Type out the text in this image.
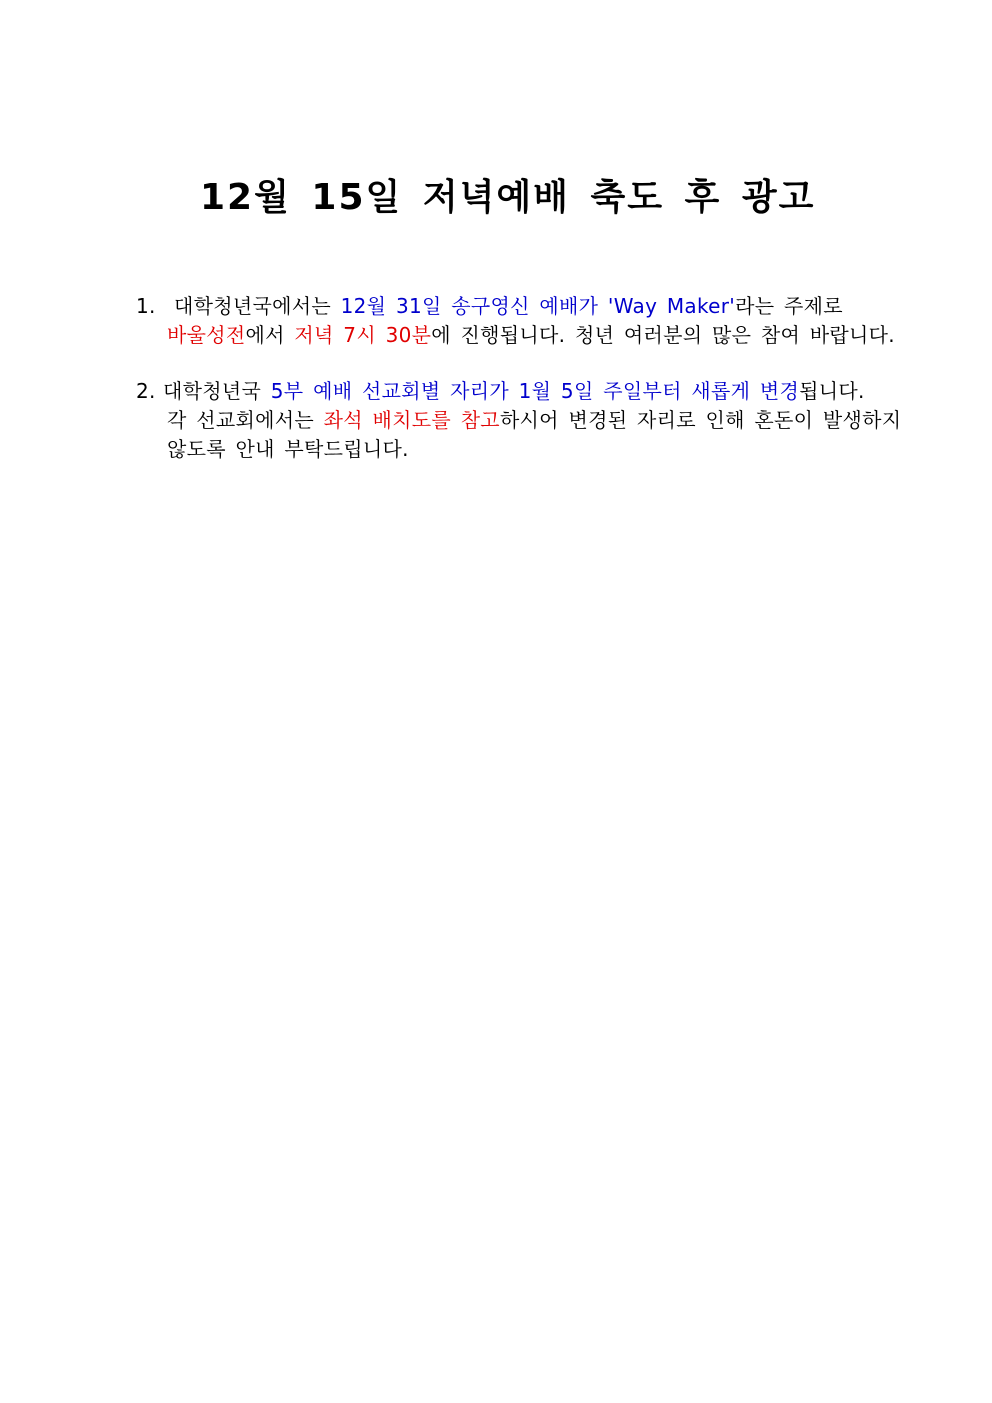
12월 15일 저녁예배 축도 후 광고
1. 대학청년국에서는 12월 31일 송구영신 예배가 'Way Maker'라는 주제로
바울성전에서 저녁 7시 30분에 진행됩니다. 청년 여러분의 많은 참여 바랍니다.
2. 대학청년국 5부 예배 선교회별 자리가 1월 5일 주일부터 새롭게 변경됩니다.
각 선교회에서는 좌석 배치도를 참고하시어 변경된 자리로 인해 혼돈이 발생하지
않도록 안내 부탁드립니다.
